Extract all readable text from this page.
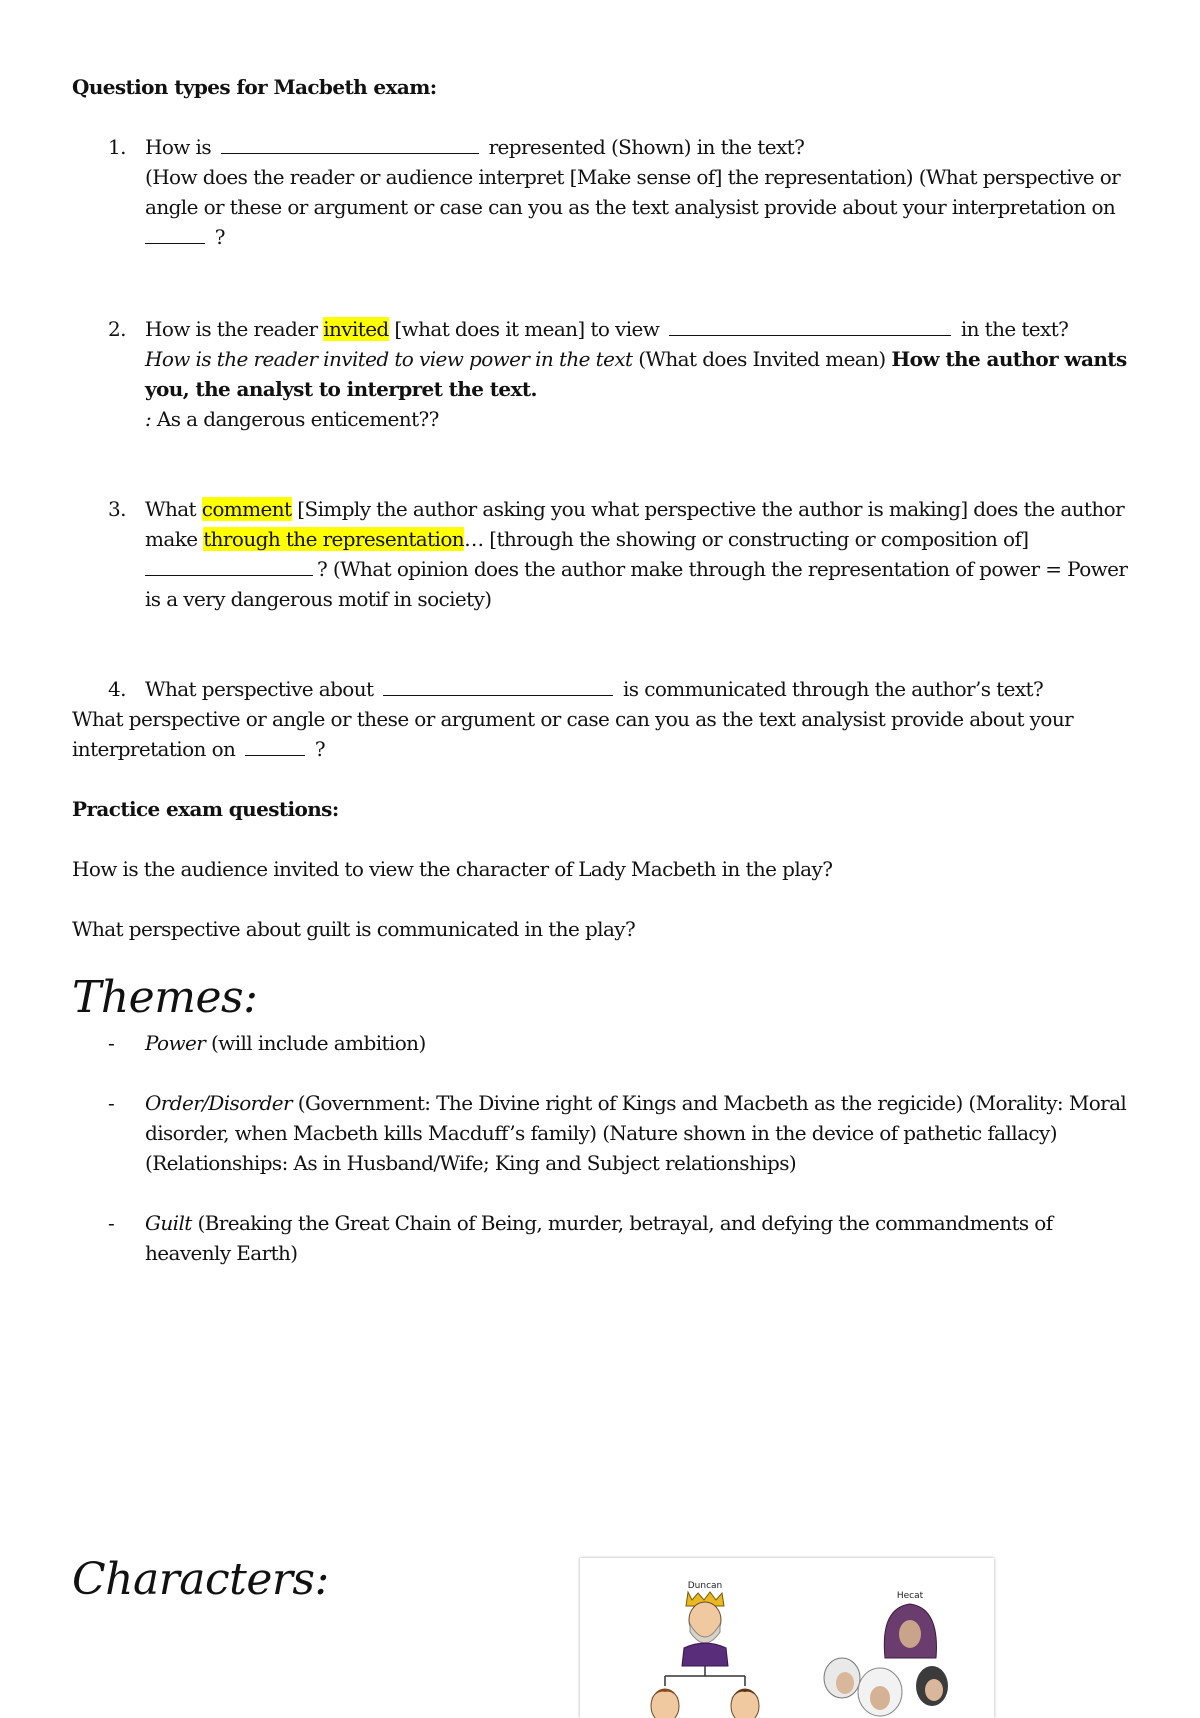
Question types for Macbeth exam:
1. How is	represented (Shown) in the text?
(How does the reader or audience interpret [Make sense of] the representation) (What perspective or angle or these or argument or case can you as the text analysist provide about your interpretation on
?
2. How is the reader invited [what does it mean] to view	in the text?
How is the reader invited to view power in the text (What does Invited mean) How the author wants you, the analyst to interpret the text.
: As a dangerous enticement??
3. What comment [Simply the author asking you what perspective the author is making] does the author make through the representation… [through the showing or constructing or composition of]
? (What opinion does the author make through the representation of power = Power is a very dangerous motif in society)
4. What perspective about	is communicated through the author’s text?
What perspective or angle or these or argument or case can you as the text analysist provide about your interpretation on	?
Practice exam questions:
How is the audience invited to view the character of Lady Macbeth in the play?
What perspective about guilt is communicated in the play?
Themes:
- Power (will include ambition)
- Order/Disorder (Government: The Divine right of Kings and Macbeth as the regicide) (Morality: Moral disorder, when Macbeth kills Macduff’s family) (Nature shown in the device of pathetic fallacy) (Relationships: As in Husband/Wife; King and Subject relationships)
- Guilt (Breaking the Great Chain of Being, murder, betrayal, and defying the commandments of heavenly Earth)
Characters:	Duncan
Hecat
